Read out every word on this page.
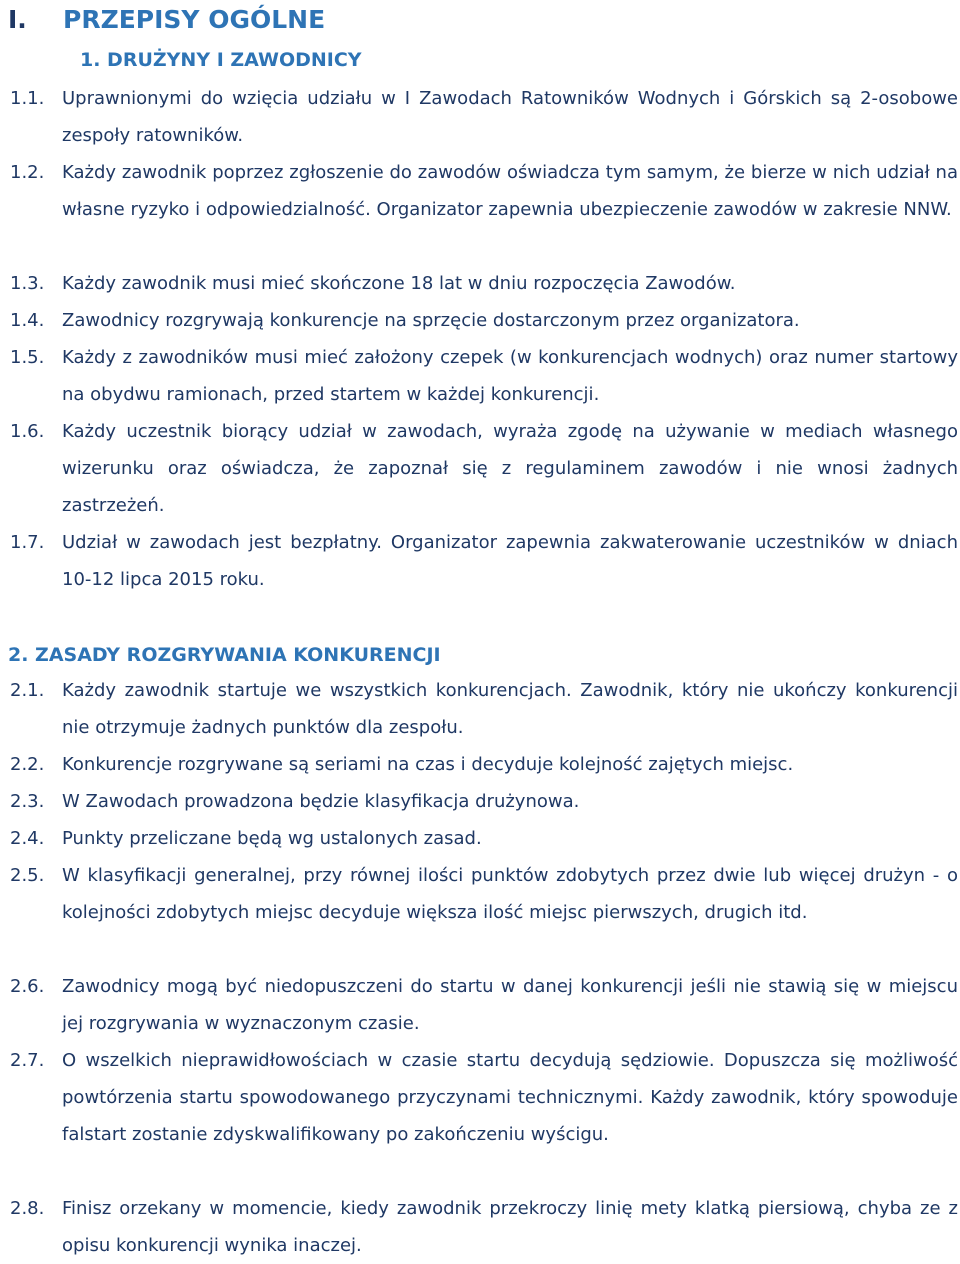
I. PRZEPISY OGÓLNE
1. DRUŻYNY I ZAWODNICY
1.1. Uprawnionymi do wzięcia udziału w I Zawodach Ratowników Wodnych i Górskich są 2-osobowe zespoły ratowników.
1.2. Każdy zawodnik poprzez zgłoszenie do zawodów oświadcza tym samym, że bierze w nich udział na własne ryzyko i odpowiedzialność. Organizator zapewnia ubezpieczenie zawodów w zakresie NNW.
1.3. Każdy zawodnik musi mieć skończone 18 lat w dniu rozpoczęcia Zawodów.
1.4. Zawodnicy rozgrywają konkurencje na sprzęcie dostarczonym przez organizatora.
1.5. Każdy z zawodników musi mieć założony czepek (w konkurencjach wodnych) oraz numer startowy na obydwu ramionach, przed startem w każdej konkurencji.
1.6. Każdy uczestnik biorący udział w zawodach, wyraża zgodę na używanie w mediach własnego wizerunku oraz oświadcza, że zapoznał się z regulaminem zawodów i nie wnosi żadnych zastrzeżeń.
1.7. Udział w zawodach jest bezpłatny. Organizator zapewnia zakwaterowanie uczestników w dniach 10-12 lipca 2015 roku.
2. ZASADY ROZGRYWANIA KONKURENCJI
2.1. Każdy zawodnik startuje we wszystkich konkurencjach. Zawodnik, który nie ukończy konkurencji nie otrzymuje żadnych punktów dla zespołu.
2.2. Konkurencje rozgrywane są seriami na czas i decyduje kolejność zajętych miejsc.
2.3. W Zawodach prowadzona będzie klasyfikacja drużynowa.
2.4. Punkty przeliczane będą wg ustalonych zasad.
2.5. W klasyfikacji generalnej, przy równej ilości punktów zdobytych przez dwie lub więcej drużyn - o kolejności zdobytych miejsc decyduje większa ilość miejsc pierwszych, drugich itd.
2.6. Zawodnicy mogą być niedopuszczeni do startu w danej konkurencji jeśli nie stawią się w miejscu jej rozgrywania w wyznaczonym czasie.
2.7. O wszelkich nieprawidłowościach w czasie startu decydują sędziowie. Dopuszcza się możliwość powtórzenia startu spowodowanego przyczynami technicznymi. Każdy zawodnik, który spowoduje falstart zostanie zdyskwalifikowany po zakończeniu wyścigu.
2.8. Finisz orzekany w momencie, kiedy zawodnik przekroczy linię mety klatką piersiową, chyba ze z opisu konkurencji wynika inaczej.
